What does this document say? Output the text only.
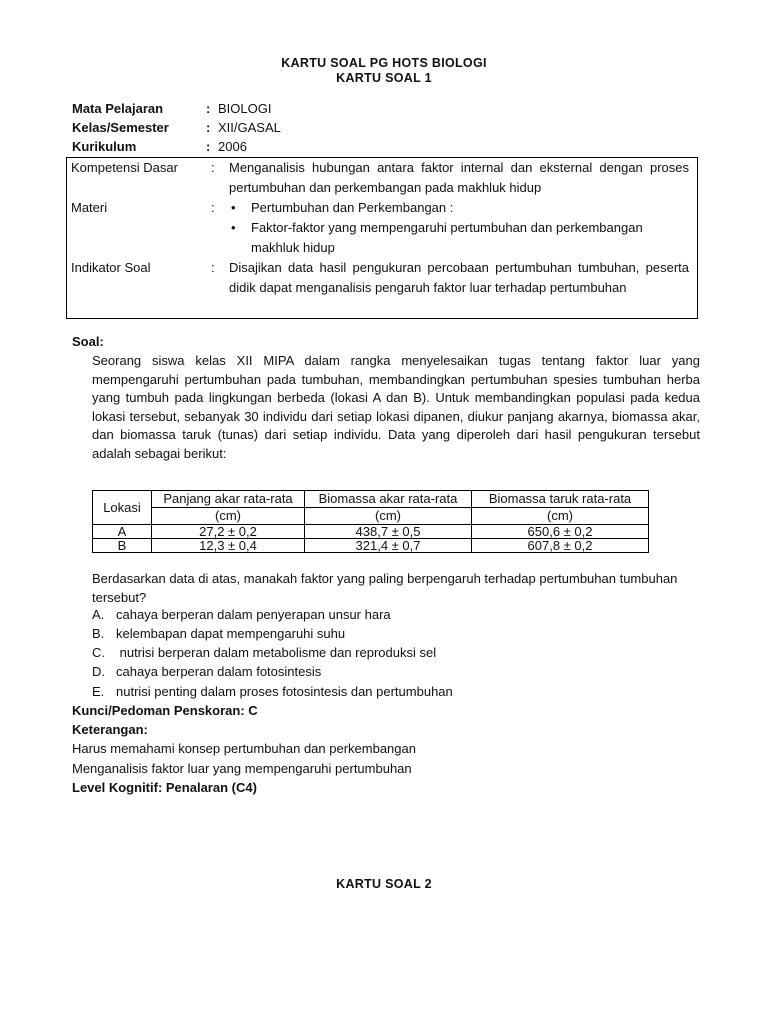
KARTU SOAL PG HOTS BIOLOGI
KARTU SOAL 1
Mata Pelajaran	: BIOLOGI
Kelas/Semester	: XII/GASAL
Kurikulum	: 2006
Kompetensi Dasar	:	Menganalisis hubungan antara faktor internal dan eksternal dengan proses pertumbuhan dan perkembangan pada makhluk hidup
Materi	:	• Pertumbuhan dan Perkembangan :
• Faktor-faktor yang mempengaruhi pertumbuhan dan perkembangan makhluk hidup
Indikator Soal	:	Disajikan data hasil pengukuran percobaan pertumbuhan tumbuhan, peserta didik dapat menganalisis pengaruh faktor luar terhadap pertumbuhan
Soal:
Seorang siswa kelas XII MIPA dalam rangka menyelesaikan tugas tentang faktor luar yang mempengaruhi pertumbuhan pada tumbuhan, membandingkan pertumbuhan spesies tumbuhan herba yang tumbuh pada lingkungan berbeda (lokasi A dan B). Untuk membandingkan populasi pada kedua lokasi tersebut, sebanyak 30 individu dari setiap lokasi dipanen, diukur panjang akarnya, biomassa akar, dan biomassa taruk (tunas) dari setiap individu. Data yang diperoleh dari hasil pengukuran tersebut adalah sebagai berikut:
Lokasi	Panjang akar rata-rata	Biomassa akar rata-rata	Biomassa taruk rata-rata
	(cm)	(cm)	(cm)
A	27,2 ± 0,2	438,7 ± 0,5	650,6 ± 0,2
B	12,3 ± 0,4	321,4 ± 0,7	607,8 ± 0,2
Berdasarkan data di atas, manakah faktor yang paling berpengaruh terhadap pertumbuhan tumbuhan tersebut?
A. cahaya berperan dalam penyerapan unsur hara
B. kelembapan dapat mempengaruhi suhu
C. nutrisi berperan dalam metabolisme dan reproduksi sel
D. cahaya berperan dalam fotosintesis
E. nutrisi penting dalam proses fotosintesis dan pertumbuhan
Kunci/Pedoman Penskoran: C
Keterangan:
Harus memahami konsep pertumbuhan dan perkembangan
Menganalisis faktor luar yang mempengaruhi pertumbuhan
Level Kognitif: Penalaran (C4)
KARTU SOAL 2
